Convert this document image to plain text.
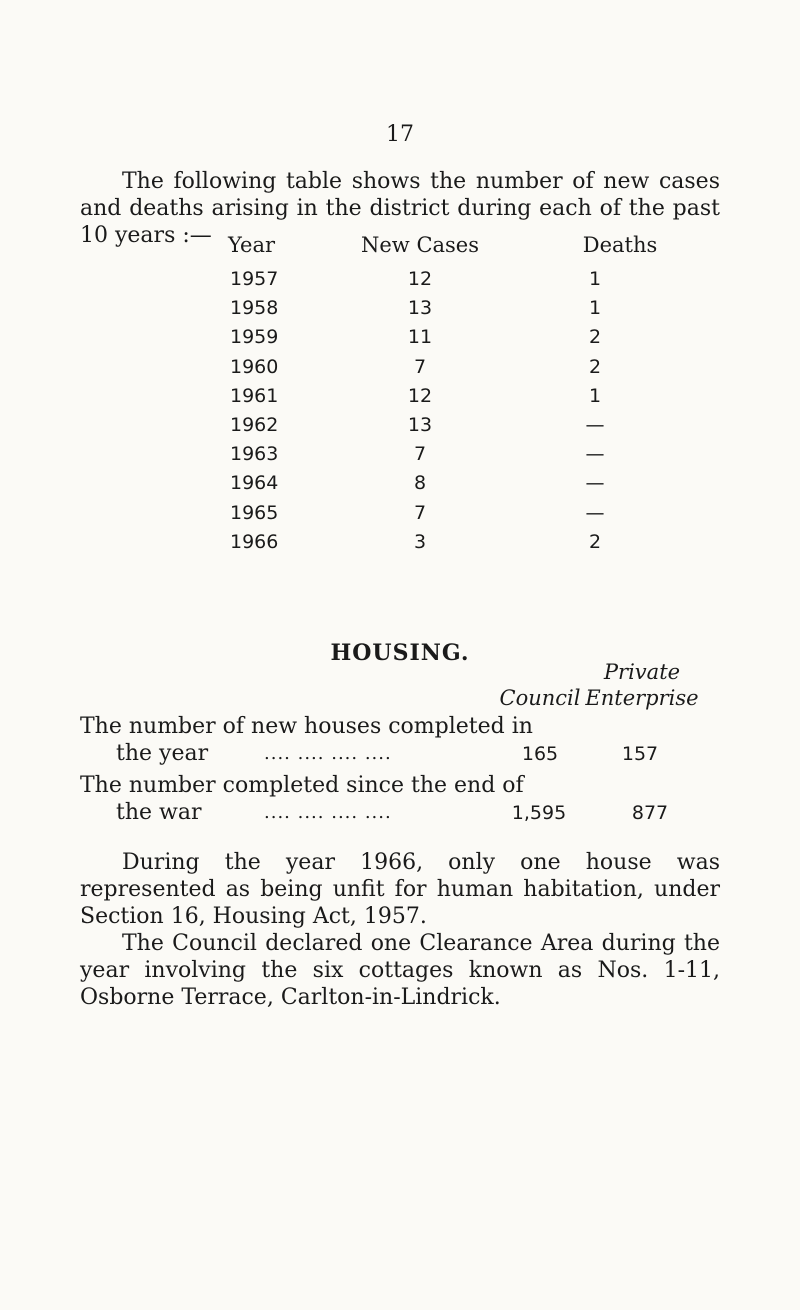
17
The following table shows the number of new cases and deaths arising in the district during each of the past 10 years :— Year	New Cases	Deaths
1957	12	1
1958	13	1
1959	11	2
1960	7	2
1961	12	1
1962	13	—
1963	7	—
1964	8	—
1965	7	—
1966	3	2
HOUSING.
Private
Council Enterprise
The number of new houses completed in
the year	.... .... .... ....	165	157
The number completed since the end of
the war	.... .... .... ....	1,595	877
During the year 1966, only one house was represented as being unfit for human habitation, under Section 16, Housing Act, 1957.
The Council declared one Clearance Area during the year involving the six cottages known as Nos. 1-11, Osborne Terrace, Carlton-in-Lindrick.
